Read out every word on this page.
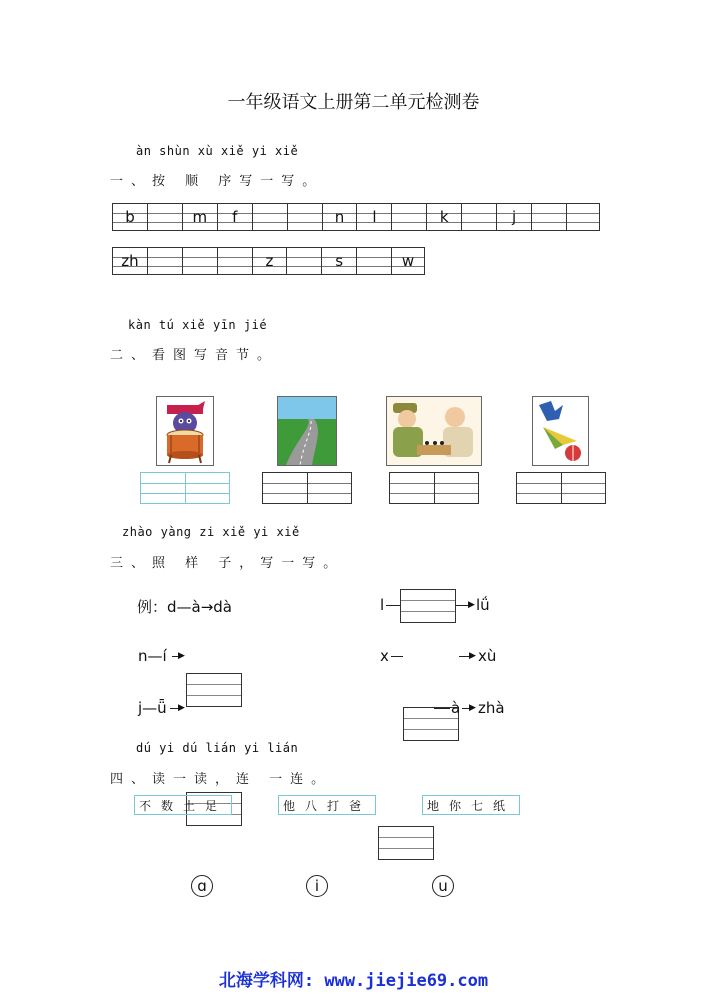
一年级语文上册第二单元检测卷
àn shùn xù xiě yi xiě
一、按 顺 序写一写。
b	m f	n l	k	j
zh	z	s	w
kàn tú xiě yīn jié
二、看图写音节。
zhào yàng zi xiě yi xiě
三、照 样 子，写一写。
例：d—à→dà	l	▶ lǘ
n—í ▶	x	▶ xù
j—ǖ ▶	à ▶ zhà
dú yi dú lián yi lián
四、读一读，连 一连。
不数土足	他八打爸	地你七纸
ɑ	i	u
北海学科网: www.jiejie69.com
